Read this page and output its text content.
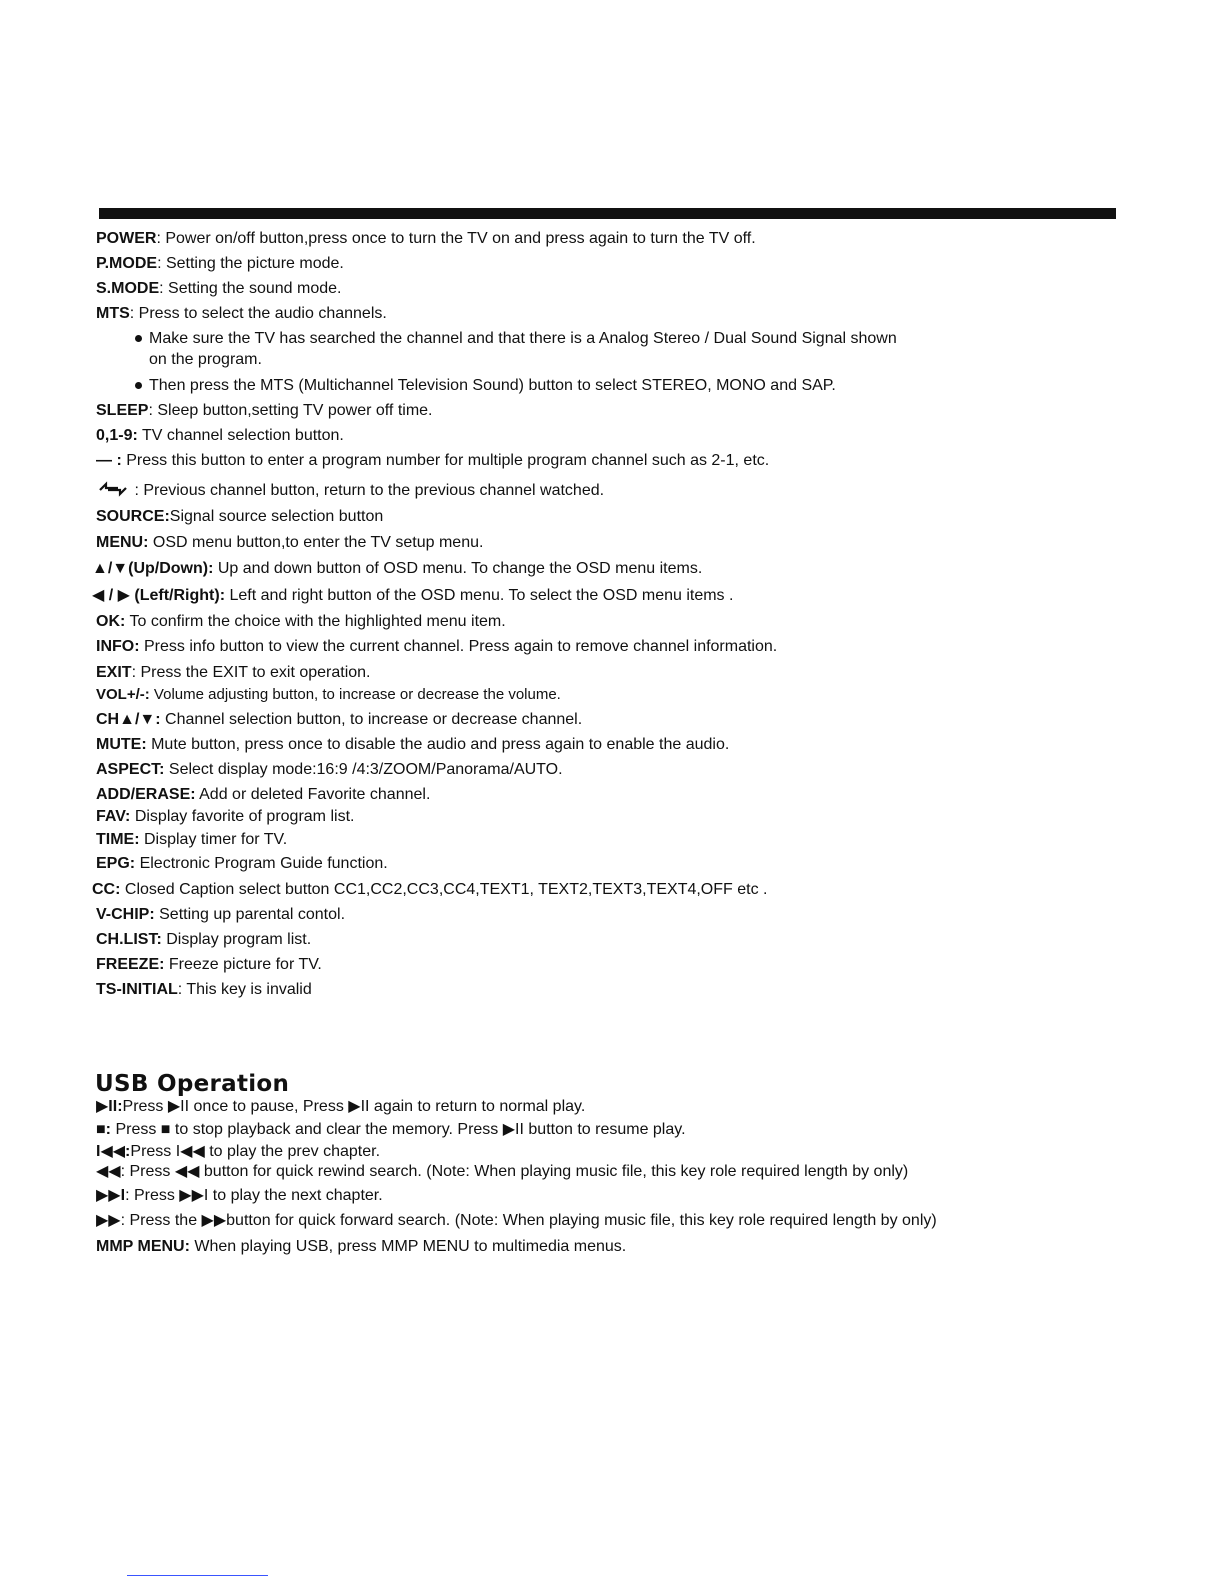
POWER: Power on/off button,press once to turn the TV on and press again to turn the TV off.
P.MODE: Setting the picture mode.
S.MODE: Setting the sound mode.
MTS: Press to select the audio channels.
Make sure the TV has searched the channel and that there is a Analog Stereo / Dual Sound Signal shown
on the program.
Then press the MTS (Multichannel Television Sound) button to select STEREO, MONO and SAP.
SLEEP: Sleep button,setting TV power off time.
0,1-9: TV channel selection button.
— : Press this button to enter a program number for multiple program channel such as 2-1, etc.
: Previous channel button, return to the previous channel watched.
SOURCE:Signal source selection button
MENU: OSD menu button,to enter the TV setup menu.
▲/▼(Up/Down): Up and down button of OSD menu. To change the OSD menu items.
◀ / ▶ (Left/Right): Left and right button of the OSD menu. To select the OSD menu items .
OK: To confirm the choice with the highlighted menu item.
INFO: Press info button to view the current channel. Press again to remove channel information.
EXIT: Press the EXIT to exit operation.
VOL+/-: Volume adjusting button, to increase or decrease the volume.
CH▲/▼: Channel selection button, to increase or decrease channel.
MUTE: Mute button, press once to disable the audio and press again to enable the audio.
ASPECT: Select display mode:16:9 /4:3/ZOOM/Panorama/AUTO.
ADD/ERASE: Add or deleted Favorite channel.
FAV: Display favorite of program list.
TIME: Display timer for TV.
EPG: Electronic Program Guide function.
CC: Closed Caption select button CC1,CC2,CC3,CC4,TEXT1, TEXT2,TEXT3,TEXT4,OFF etc .
V-CHIP: Setting up parental contol.
CH.LIST: Display program list.
FREEZE: Freeze picture for TV.
TS-INITIAL: This key is invalid
USB Operation
▶II:Press ▶II once to pause, Press ▶II again to return to normal play.
■: Press ■ to stop playback and clear the memory. Press ▶II button to resume play.
I◀◀:Press I◀◀ to play the prev chapter.
◀◀: Press ◀◀ button for quick rewind search. (Note: When playing music file, this key role required length by only)
▶▶I: Press ▶▶I to play the next chapter.
▶▶: Press the ▶▶button for quick forward search. (Note: When playing music file, this key role required length by only)
MMP MENU: When playing USB, press MMP MENU to multimedia menus.
